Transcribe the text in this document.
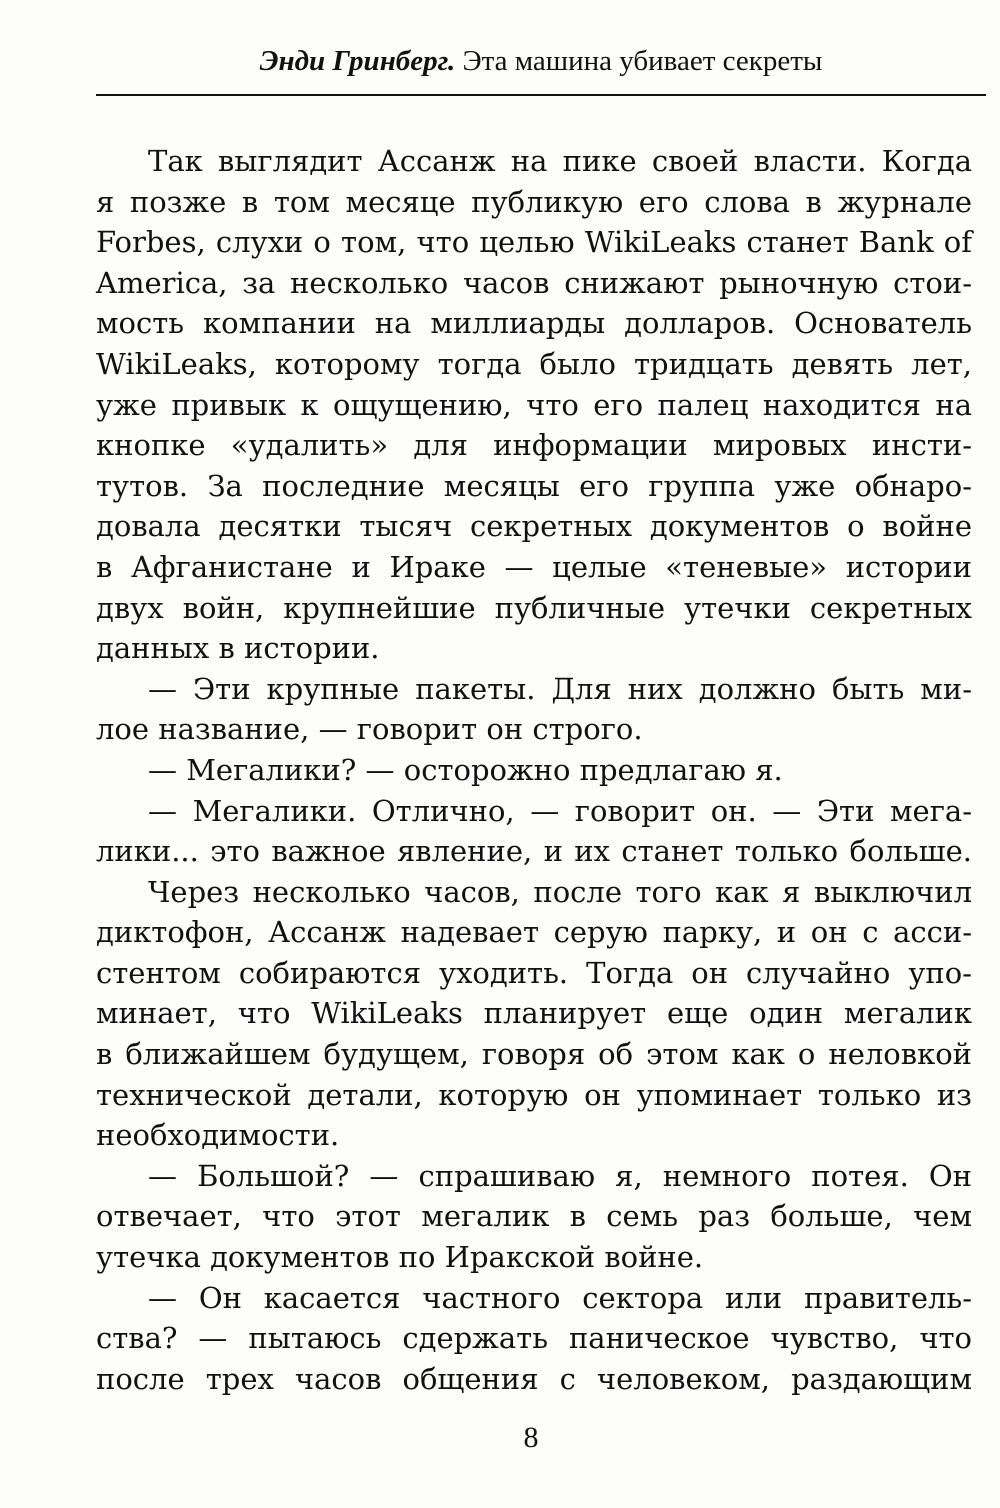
Энди Гринберг. Эта машина убивает секреты
Так выглядит Ассанж на пике своей власти. Когда
я позже в том месяце публикую его слова в журнале
Forbes, слухи о том, что целью WikiLeaks станет Bank of
America, за несколько часов снижают рыночную стои-
мость компании на миллиарды долларов. Основатель
WikiLeaks, которому тогда было тридцать девять лет,
уже привык к ощущению, что его палец находится на
кнопке «удалить» для информации мировых инсти-
тутов. За последние месяцы его группа уже обнаро-
довала десятки тысяч секретных документов о войне
в Афганистане и Ираке — целые «теневые» истории
двух войн, крупнейшие публичные утечки секретных
данных в истории.
— Эти крупные пакеты. Для них должно быть ми-
лое название, — говорит он строго.
— Мегалики? — осторожно предлагаю я.
— Мегалики. Отлично, — говорит он. — Эти мега-
лики... это важное явление, и их станет только больше.
Через несколько часов, после того как я выключил
диктофон, Ассанж надевает серую парку, и он с асси-
стентом собираются уходить. Тогда он случайно упо-
минает, что WikiLeaks планирует еще один мегалик
в ближайшем будущем, говоря об этом как о неловкой
технической детали, которую он упоминает только из
необходимости.
— Большой? — спрашиваю я, немного потея. Он
отвечает, что этот мегалик в семь раз больше, чем
утечка документов по Иракской войне.
— Он касается частного сектора или правитель-
ства? — пытаюсь сдержать паническое чувство, что
после трех часов общения с человеком, раздающим
8
